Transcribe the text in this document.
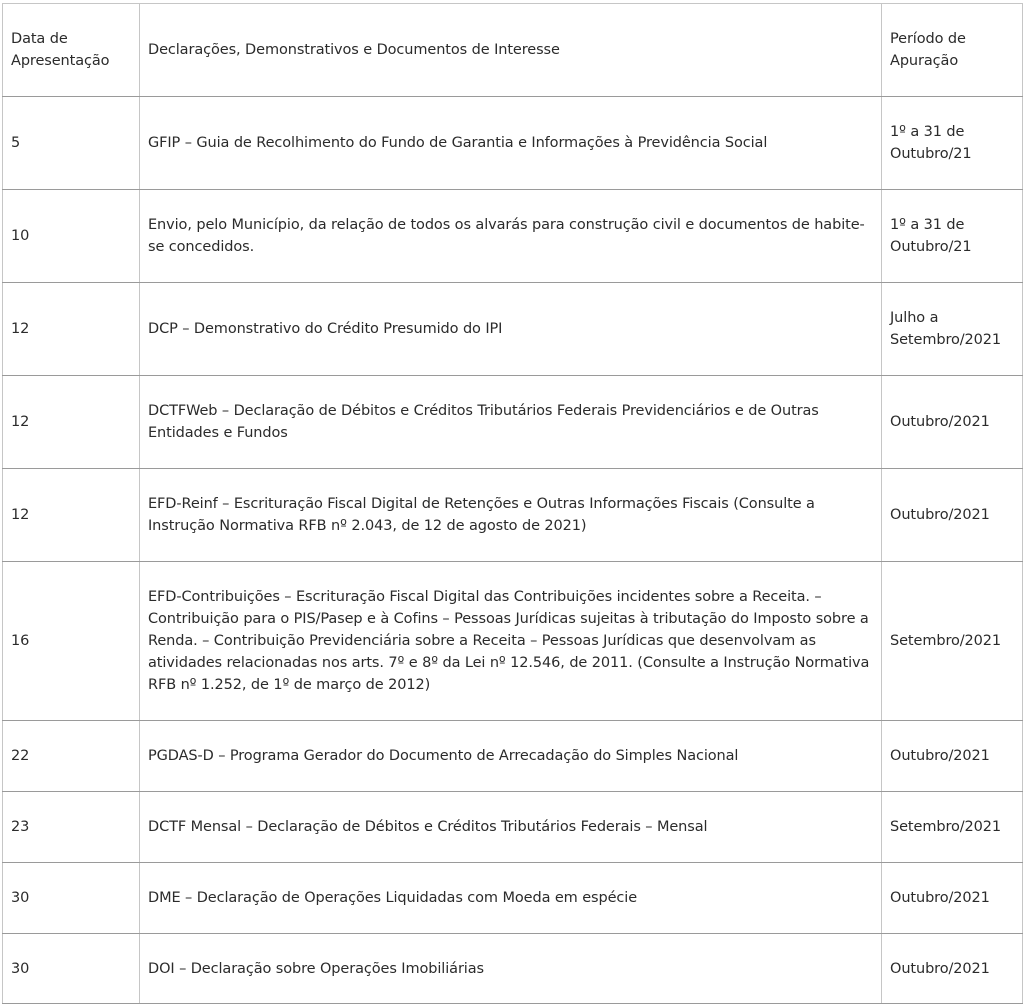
Data de Apresentação	Declarações, Demonstrativos e Documentos de Interesse	Período de Apuração
5	GFIP – Guia de Recolhimento do Fundo de Garantia e Informações à Previdência Social	1º a 31 de Outubro/21
10	Envio, pelo Município, da relação de todos os alvarás para construção civil e documentos de habite-se concedidos.	1º a 31 de Outubro/21
12	DCP – Demonstrativo do Crédito Presumido do IPI	Julho a Setembro/2021
12	DCTFWeb – Declaração de Débitos e Créditos Tributários Federais Previdenciários e de Outras Entidades e Fundos	Outubro/2021
12	EFD-Reinf – Escrituração Fiscal Digital de Retenções e Outras Informações Fiscais (Consulte a Instrução Normativa RFB nº 2.043, de 12 de agosto de 2021)	Outubro/2021
16	EFD-Contribuições – Escrituração Fiscal Digital das Contribuições incidentes sobre a Receita. – Contribuição para o PIS/Pasep e à Cofins – Pessoas Jurídicas sujeitas à tributação do Imposto sobre a Renda. – Contribuição Previdenciária sobre a Receita – Pessoas Jurídicas que desenvolvam as atividades relacionadas nos arts. 7º e 8º da Lei nº 12.546, de 2011. (Consulte a Instrução Normativa RFB nº 1.252, de 1º de março de 2012)	Setembro/2021
22	PGDAS-D – Programa Gerador do Documento de Arrecadação do Simples Nacional	Outubro/2021
23	DCTF Mensal – Declaração de Débitos e Créditos Tributários Federais – Mensal	Setembro/2021
30	DME – Declaração de Operações Liquidadas com Moeda em espécie	Outubro/2021
30	DOI – Declaração sobre Operações Imobiliárias	Outubro/2021
